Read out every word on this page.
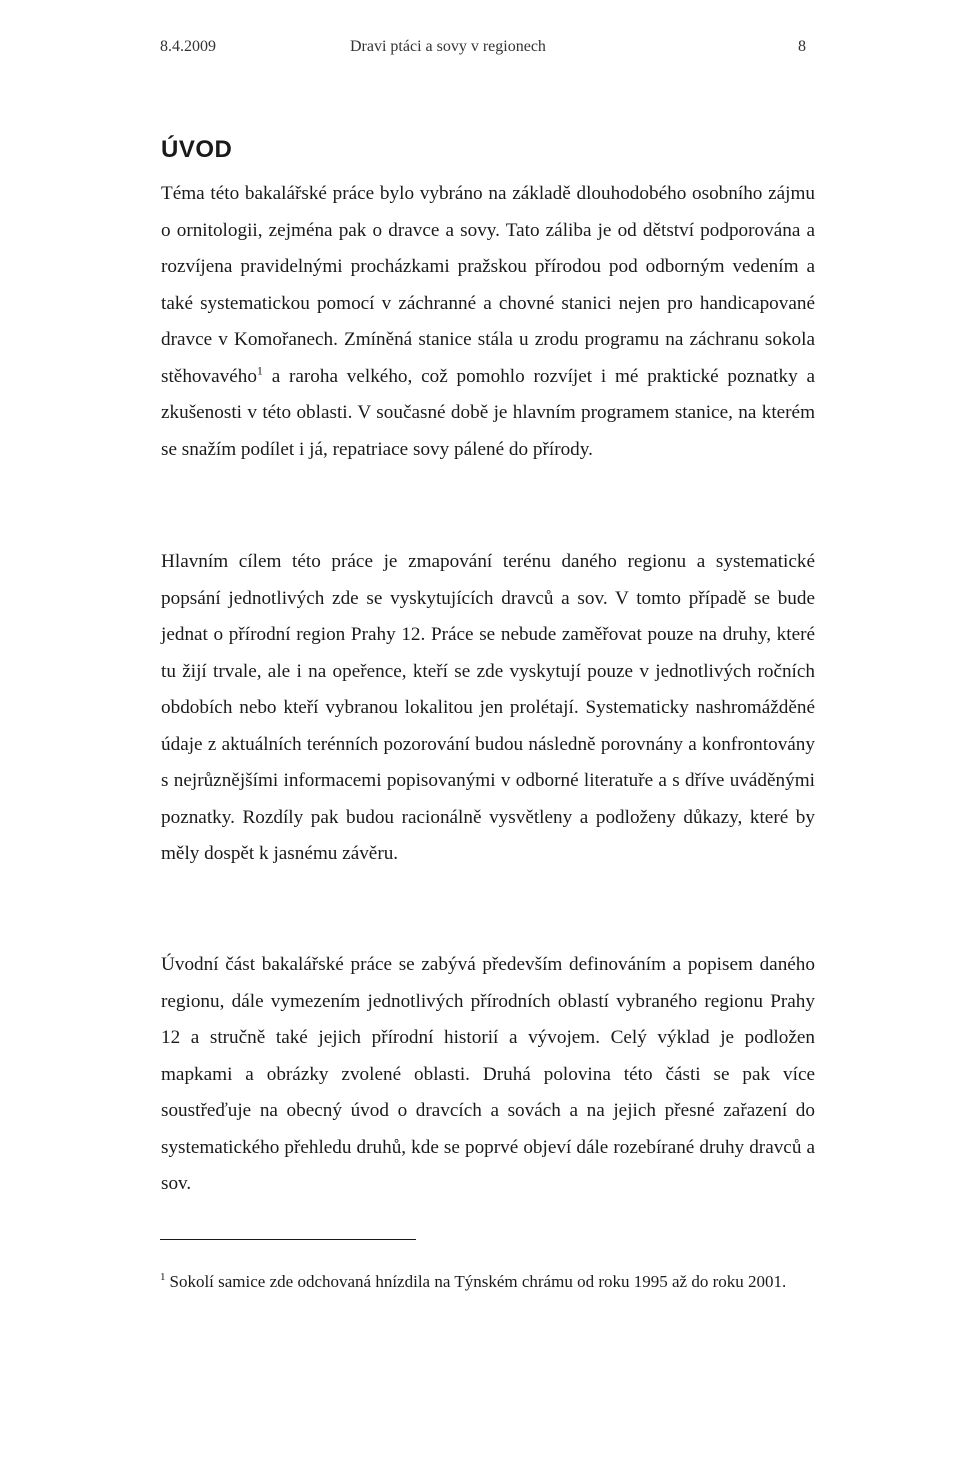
8.4.2009	Dravi ptáci a sovy v regionech	8
ÚVOD

Téma této bakalářské práce bylo vybráno na základě dlouhodobého osobního zájmu o ornitologii, zejména pak o dravce a sovy. Tato záliba je od dětství podporována a rozvíjena pravidelnými procházkami pražskou přírodou pod odborným vedením a také systematickou pomocí v záchranné a chovné stanici nejen pro handicapované dravce v Komořanech. Zmíněná stanice stála u zrodu programu na záchranu sokola stěhovavého$^1$ a raroha velkého, což pomohlo rozvíjet i mé praktické poznatky a zkušenosti v této oblasti. V současné době je hlavním programem stanice, na kterém se snažím podílet i já, repatriace sovy pálené do přírody.

Hlavním cílem této práce je zmapování terénu daného regionu a systematické popsání jednotlivých zde se vyskytujících dravců a sov. V tomto případě se bude jednat o přírodní region Prahy 12. Práce se nebude zaměřovat pouze na druhy, které tu žijí trvale, ale i na opeřence, kteří se zde vyskytují pouze v jednotlivých ročních obdobích nebo kteří vybranou lokalitou jen prolétají. Systematicky nashromážděné údaje z aktuálních terénních pozorování budou následně porovnány a konfrontovány s nejrůznějšími informacemi popisovanými v odborné literatuře a s dříve uváděnými poznatky. Rozdíly pak budou racionálně vysvětleny a podloženy důkazy, které by měly dospět k jasnému závěru.

Úvodní část bakalářské práce se zabývá především definováním a popisem daného regionu, dále vymezením jednotlivých přírodních oblastí vybraného regionu Prahy 12 a stručně také jejich přírodní historií a vývojem. Celý výklad je podložen mapkami a obrázky zvolené oblasti. Druhá polovina této části se pak více soustřeďuje na obecný úvod o dravcích a sovách a na jejich přesné zařazení do systematického přehledu druhů, kde se poprvé objeví dále rozebírané druhy dravců a sov.

$^1$ Sokolí samice zde odchovaná hnízdila na Týnském chrámu od roku 1995 až do roku 2001.
